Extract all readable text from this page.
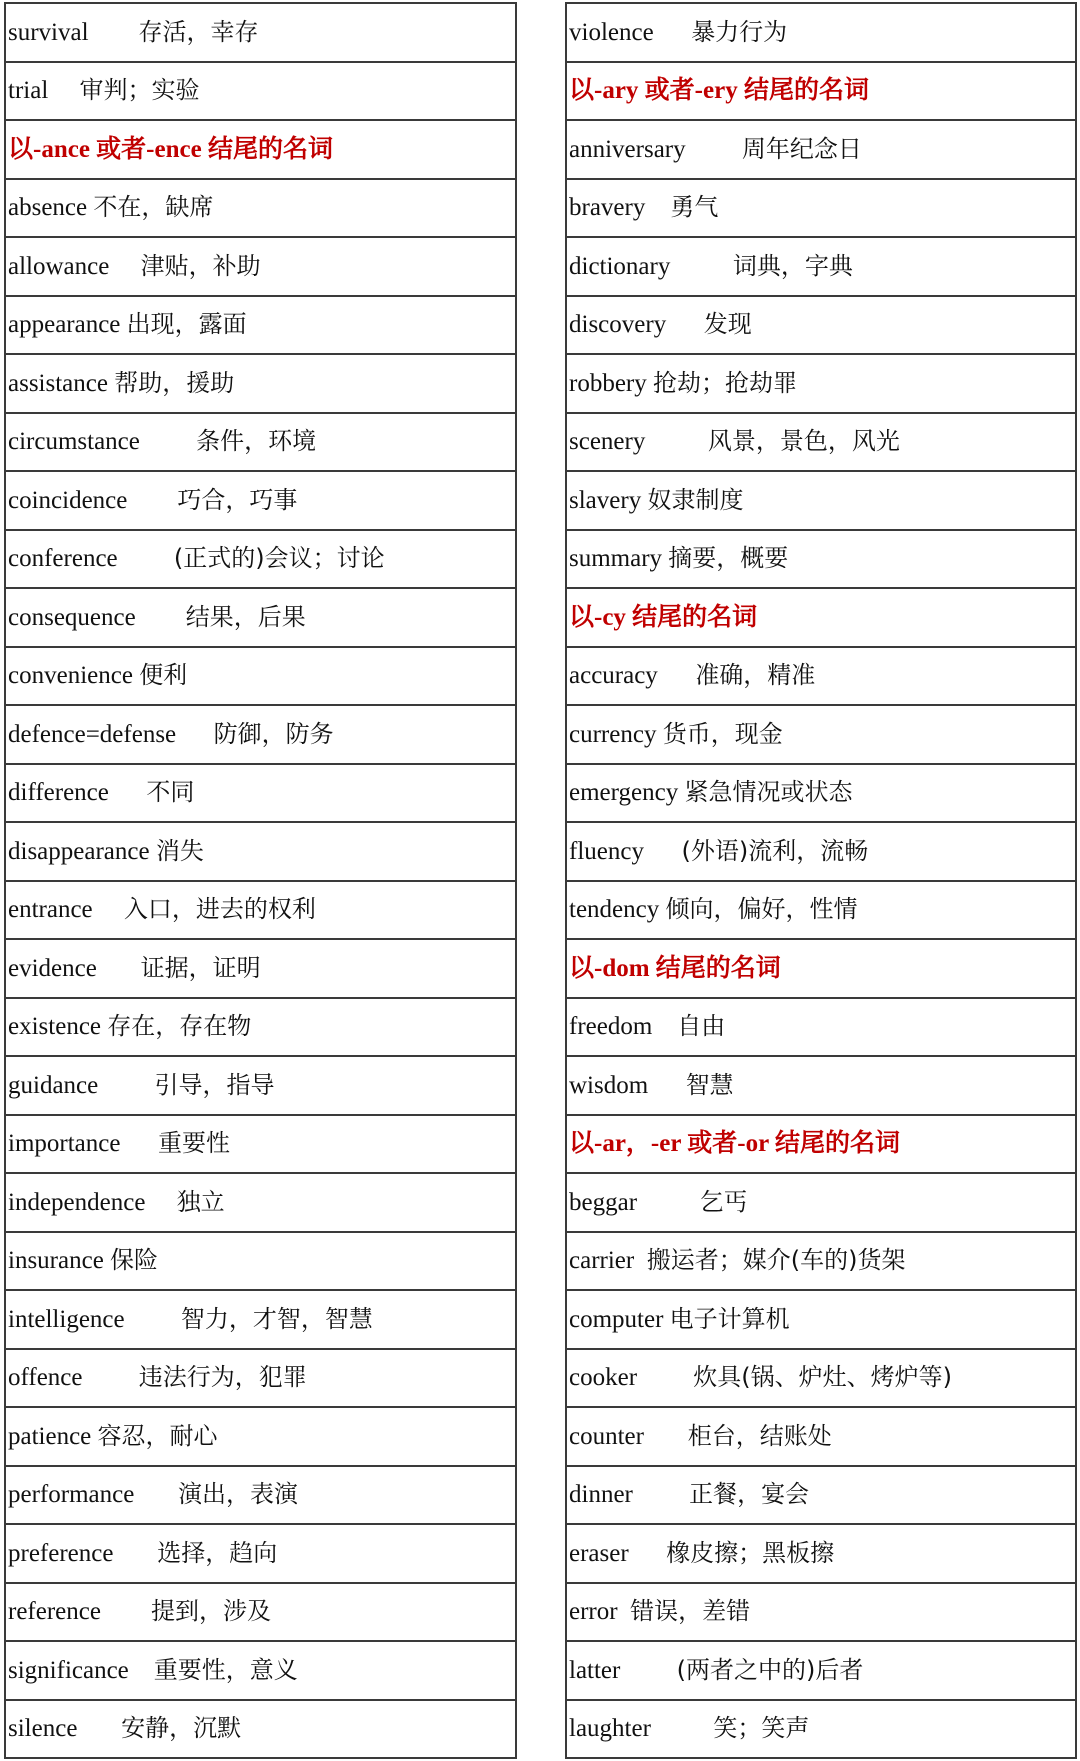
survival 存活，幸存
trial 审判；实验
以-ance 或者-ence 结尾的名词
absence 不在，缺席
allowance 津贴，补助
appearance 出现，露面
assistance 帮助，援助
circumstance 条件，环境
coincidence 巧合，巧事
conference (正式的)会议；讨论
consequence 结果，后果
convenience 便利
defence=defense 防御，防务
difference 不同
disappearance 消失
entrance 入口，进去的权利
evidence 证据，证明
existence 存在，存在物
guidance 引导，指导
importance 重要性
independence 独立
insurance 保险
intelligence 智力，才智，智慧
offence 违法行为，犯罪
patience 容忍，耐心
performance 演出，表演
preference 选择，趋向
reference 提到，涉及
significance 重要性，意义
silence 安静，沉默
violence 暴力行为
以-ary 或者-ery 结尾的名词
anniversary 周年纪念日
bravery 勇气
dictionary	词典，字典
discovery 发现
robbery 抢劫；抢劫罪
scenery	风景，景色，风光
slavery 奴隶制度
summary 摘要，概要
以-cy 结尾的名词
accuracy 准确，精准
currency 货币，现金
emergency 紧急情况或状态
fluency (外语)流利，流畅
tendency 倾向，偏好，性情
以-dom 结尾的名词
freedom 自由
wisdom 智慧
以-ar，-er 或者-or 结尾的名词
beggar	乞丐
carrier 搬运者；媒介(车的)货架
computer 电子计算机
cooker 炊具(锅、炉灶、烤炉等)
counter 柜台，结账处
dinner 正餐，宴会
eraser 橡皮擦；黑板擦
error 错误，差错
latter (两者之中的)后者
laughter	笑；笑声
